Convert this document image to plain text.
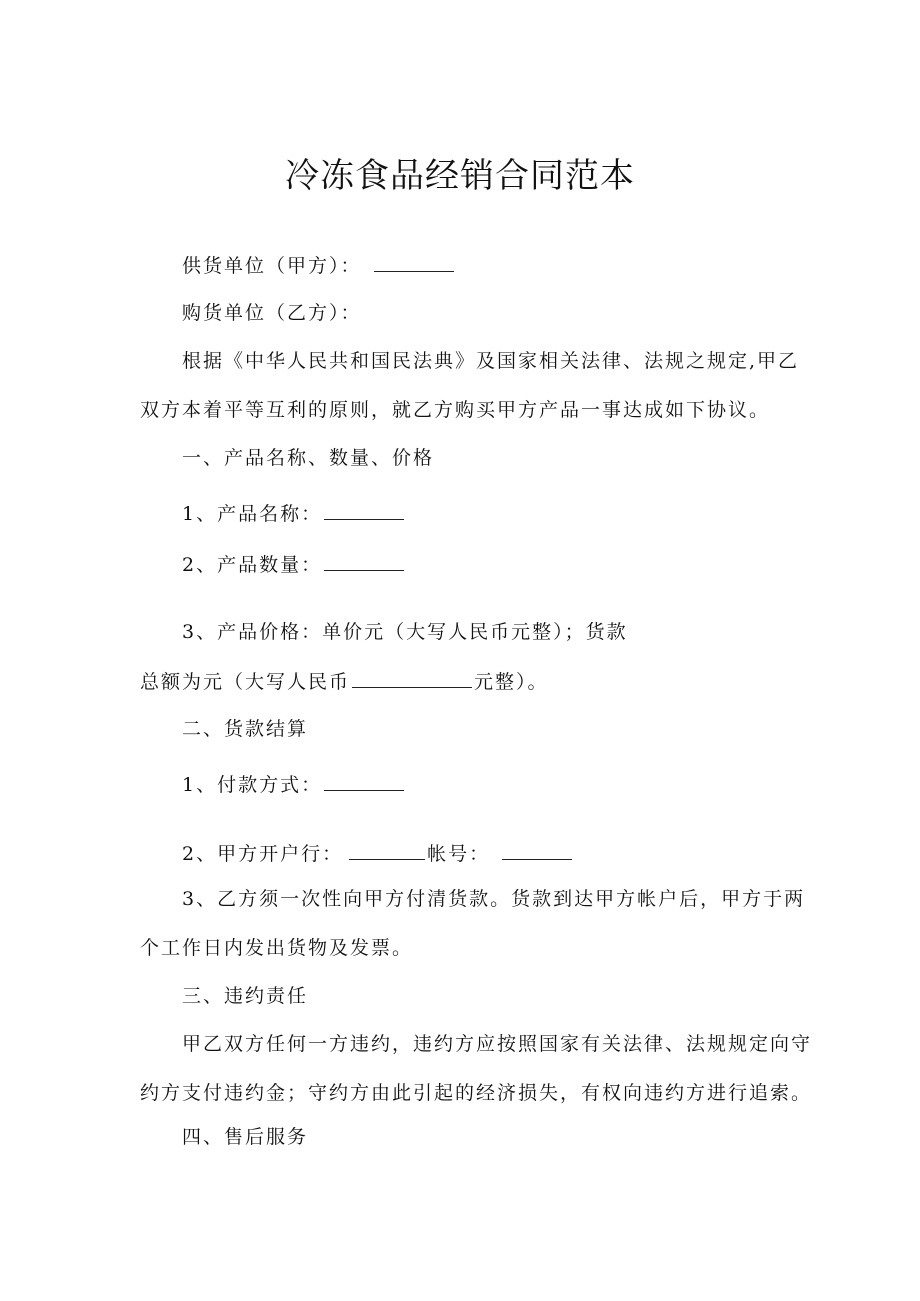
冷冻食品经销合同范本
供货单位（甲方）：
购货单位（乙方）：
根据《中华人民共和国民法典》及国家相关法律、法规之规定,甲乙
双方本着平等互利的原则，就乙方购买甲方产品一事达成如下协议。
一、产品名称、数量、价格
1、产品名称：
2、产品数量：
3、产品价格：单价元（大写人民币元整）；货款
总额为元（大写人民币	元整）。
二、货款结算
1、付款方式：
2、甲方开户行：	帐号：
3、乙方须一次性向甲方付清货款。货款到达甲方帐户后，甲方于两
个工作日内发出货物及发票。
三、违约责任
甲乙双方任何一方违约，违约方应按照国家有关法律、法规规定向守
约方支付违约金；守约方由此引起的经济损失，有权向违约方进行追索。
四、售后服务
